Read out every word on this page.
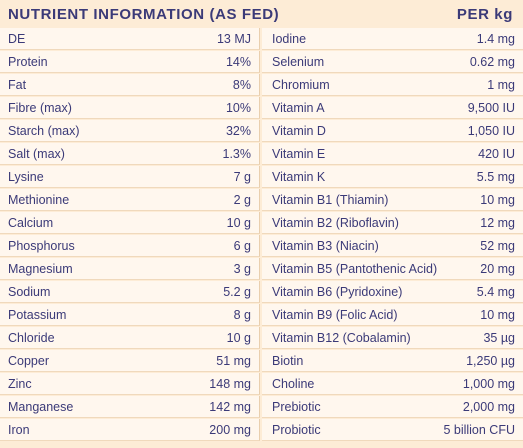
NUTRIENT INFORMATION (AS FED)	PER kg
DE	13 MJ
Protein	14%
Fat	8%
Fibre (max)	10%
Starch (max)	32%
Salt (max)	1.3%
Lysine	7 g
Methionine	2 g
Calcium	10 g
Phosphorus	6 g
Magnesium	3 g
Sodium	5.2 g
Potassium	8 g
Chloride	10 g
Copper	51 mg
Zinc	148 mg
Manganese	142 mg
Iron	200 mg
Iodine	1.4 mg
Selenium	0.62 mg
Chromium	1 mg
Vitamin A	9,500 IU
Vitamin D	1,050 IU
Vitamin E	420 IU
Vitamin K	5.5 mg
Vitamin B1 (Thiamin)	10 mg
Vitamin B2 (Riboflavin)	12 mg
Vitamin B3 (Niacin)	52 mg
Vitamin B5 (Pantothenic Acid)	20 mg
Vitamin B6 (Pyridoxine)	5.4 mg
Vitamin B9 (Folic Acid)	10 mg
Vitamin B12 (Cobalamin)	35 µg
Biotin	1,250 µg
Choline	1,000 mg
Prebiotic	2,000 mg
Probiotic	5 billion CFU
